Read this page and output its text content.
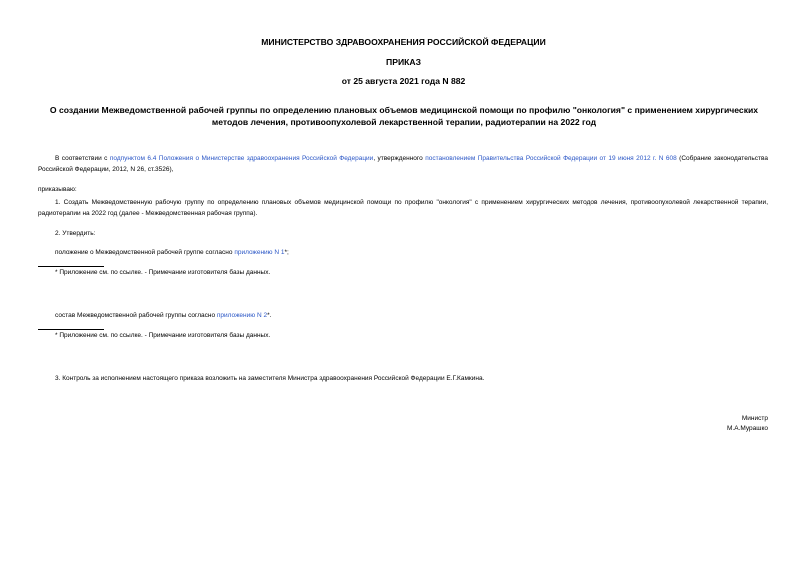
МИНИСТЕРСТВО ЗДРАВООХРАНЕНИЯ РОССИЙСКОЙ ФЕДЕРАЦИИ
ПРИКАЗ
от 25 августа 2021 года N 882
О создании Межведомственной рабочей группы по определению плановых объемов медицинской помощи по профилю "онкология" с применением хирургических методов лечения, противоопухолевой лекарственной терапии, радиотерапии на 2022 год
В соответствии с подпунктом 6.4 Положения о Министерстве здравоохранения Российской Федерации, утвержденного постановлением Правительства Российской Федерации от 19 июня 2012 г. N 608 (Собрание законодательства Российской Федерации, 2012, N 26, ст.3526),
приказываю:
1. Создать Межведомственную рабочую группу по определению плановых объемов медицинской помощи по профилю "онкология" с применением хирургических методов лечения, противоопухолевой лекарственной терапии, радиотерапии на 2022 год (далее - Межведомственная рабочая группа).
2. Утвердить:
положение о Межведомственной рабочей группе согласно приложению N 1*;
* Приложение см. по ссылке. - Примечание изготовителя базы данных.
состав Межведомственной рабочей группы согласно приложению N 2*.
* Приложение см. по ссылке. - Примечание изготовителя базы данных.
3. Контроль за исполнением настоящего приказа возложить на заместителя Министра здравоохранения Российской Федерации Е.Г.Камкина.
Министр
М.А.Мурашко
